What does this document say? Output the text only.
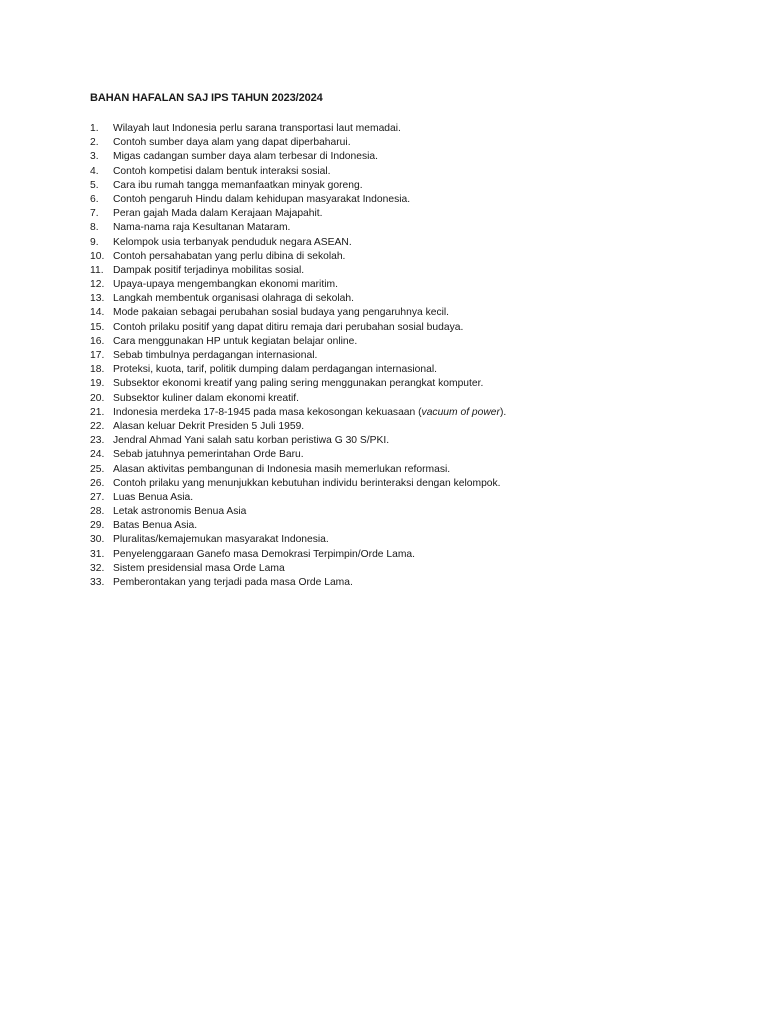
BAHAN HAFALAN SAJ IPS TAHUN 2023/2024
1.	Wilayah laut Indonesia perlu sarana transportasi laut memadai.
2.	Contoh sumber daya alam yang dapat diperbaharui.
3.	Migas cadangan sumber daya alam terbesar di Indonesia.
4.	Contoh kompetisi dalam bentuk interaksi sosial.
5.	Cara ibu rumah tangga memanfaatkan minyak goreng.
6.	Contoh pengaruh Hindu dalam kehidupan masyarakat Indonesia.
7.	Peran gajah Mada dalam Kerajaan Majapahit.
8.	Nama-nama raja Kesultanan Mataram.
9.	Kelompok usia terbanyak penduduk negara ASEAN.
10. Contoh persahabatan yang perlu dibina di sekolah.
11. Dampak positif terjadinya mobilitas sosial.
12. Upaya-upaya mengembangkan ekonomi maritim.
13. Langkah membentuk organisasi olahraga di sekolah.
14. Mode pakaian sebagai perubahan sosial budaya yang pengaruhnya kecil.
15. Contoh prilaku positif yang dapat ditiru remaja dari perubahan sosial budaya.
16. Cara menggunakan HP untuk kegiatan belajar online.
17. Sebab timbulnya perdagangan internasional.
18. Proteksi, kuota, tarif, politik dumping dalam perdagangan internasional.
19. Subsektor ekonomi kreatif yang paling sering menggunakan perangkat komputer.
20. Subsektor kuliner dalam ekonomi kreatif.
21. Indonesia merdeka 17-8-1945 pada masa kekosongan kekuasaan (vacuum of power).
22. Alasan keluar Dekrit Presiden 5 Juli 1959.
23. Jendral Ahmad Yani salah satu korban peristiwa G 30 S/PKI.
24. Sebab jatuhnya pemerintahan Orde Baru.
25. Alasan aktivitas pembangunan di Indonesia masih memerlukan reformasi.
26. Contoh prilaku yang menunjukkan kebutuhan individu berinteraksi dengan kelompok.
27. Luas Benua Asia.
28. Letak astronomis Benua Asia
29. Batas Benua Asia.
30. Pluralitas/kemajemukan masyarakat Indonesia.
31. Penyelenggaraan Ganefo masa Demokrasi Terpimpin/Orde Lama.
32. Sistem presidensial masa Orde Lama
33. Pemberontakan yang terjadi pada masa Orde Lama.
